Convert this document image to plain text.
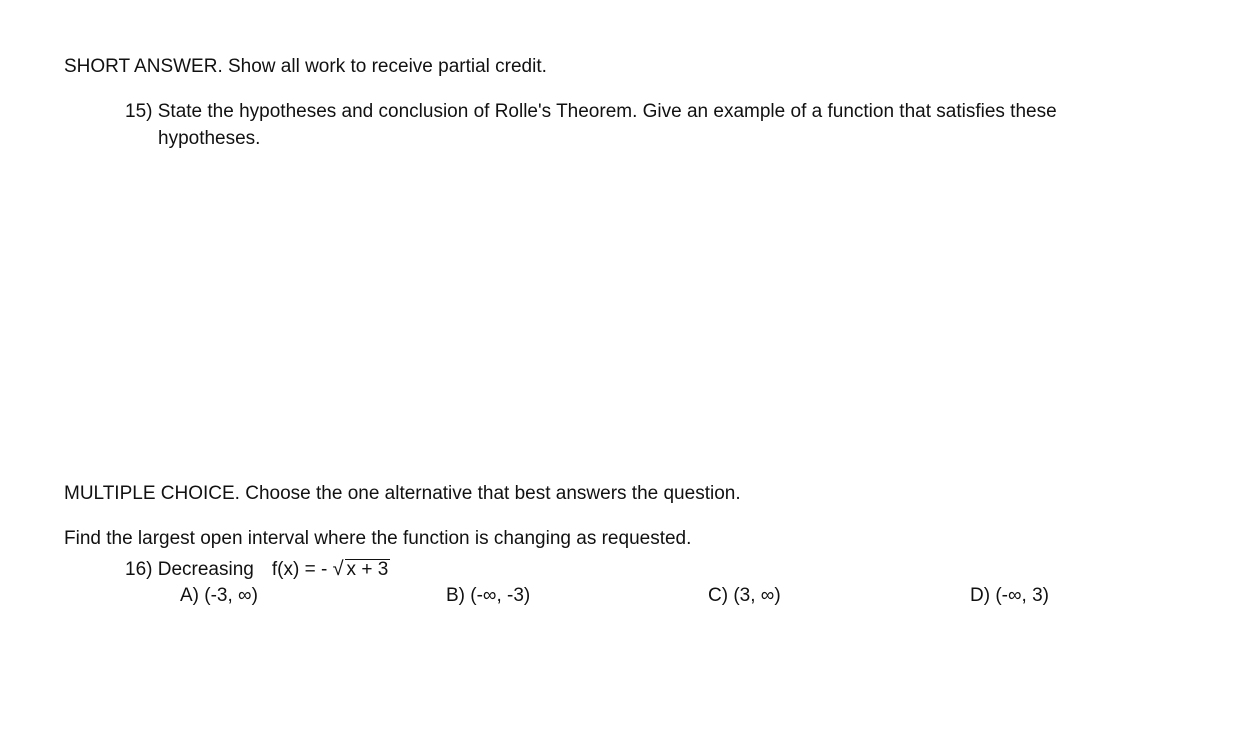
SHORT ANSWER. Show all work to receive partial credit.
15) State the hypotheses and conclusion of Rolle's Theorem. Give an example of a function that satisfies these
hypotheses.
MULTIPLE CHOICE. Choose the one alternative that best answers the question.
Find the largest open interval where the function is changing as requested.
16) Decreasing f(x) = - √ x + 3
A) (-3, ∞)	B) (-∞, -3)	C) (3, ∞)	D) (-∞, 3)
